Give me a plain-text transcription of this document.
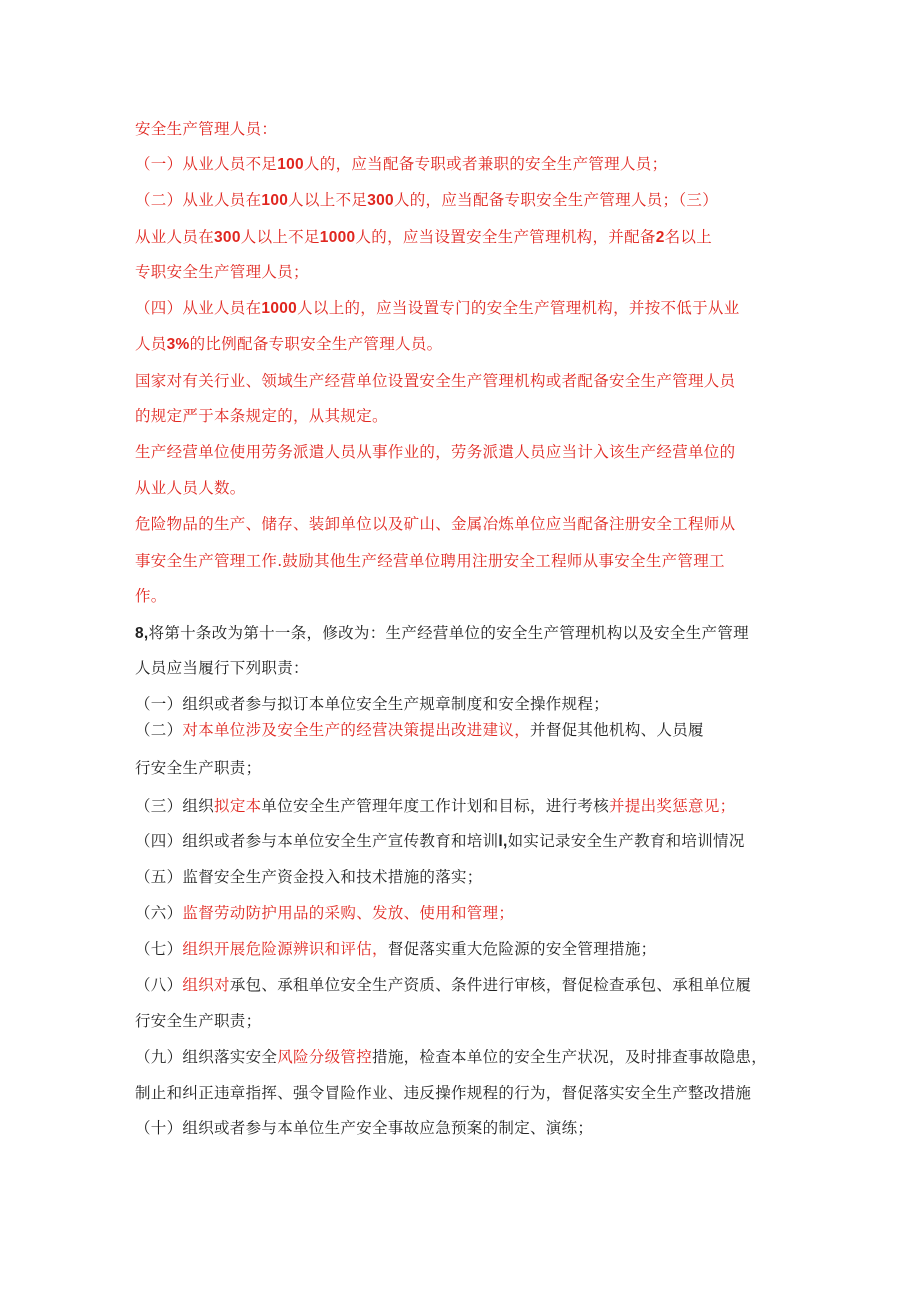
安全生产管理人员：
（一）从业人员不足100人的，应当配备专职或者兼职的安全生产管理人员；
（二）从业人员在100人以上不足300人的，应当配备专职安全生产管理人员；（三）
从业人员在300人以上不足1000人的，应当设置安全生产管理机构，并配备2名以上
专职安全生产管理人员；
（四）从业人员在1000人以上的，应当设置专门的安全生产管理机构，并按不低于从业
人员3%的比例配备专职安全生产管理人员。
国家对有关行业、领域生产经营单位设置安全生产管理机构或者配备安全生产管理人员
的规定严于本条规定的，从其规定。
生产经营单位使用劳务派遣人员从事作业的，劳务派遣人员应当计入该生产经营单位的
从业人员人数。
危险物品的生产、储存、装卸单位以及矿山、金属冶炼单位应当配备注册安全工程师从
事安全生产管理工作.鼓励其他生产经营单位聘用注册安全工程师从事安全生产管理工
作。
8,将第十条改为第十一条，修改为：生产经营单位的安全生产管理机构以及安全生产管理
人员应当履行下列职责：
（一）组织或者参与拟订本单位安全生产规章制度和安全操作规程；
（二）对本单位涉及安全生产的经营决策提出改进建议，并督促其他机构、人员履
行安全生产职责；
（三）组织拟定本单位安全生产管理年度工作计划和目标，进行考核并提出奖惩意见；
（四）组织或者参与本单位安全生产宣传教育和培训l,如实记录安全生产教育和培训情况
（五）监督安全生产资金投入和技术措施的落实；
（六）监督劳动防护用品的采购、发放、使用和管理；
（七）组织开展危险源辨识和评估，督促落实重大危险源的安全管理措施；
（八）组织对承包、承租单位安全生产资质、条件进行审核，督促检查承包、承租单位履
行安全生产职责；
（九）组织落实安全风险分级管控措施，检查本单位的安全生产状况，及时排查事故隐患，
制止和纠正违章指挥、强令冒险作业、违反操作规程的行为，督促落实安全生产整改措施
（十）组织或者参与本单位生产安全事故应急预案的制定、演练；
